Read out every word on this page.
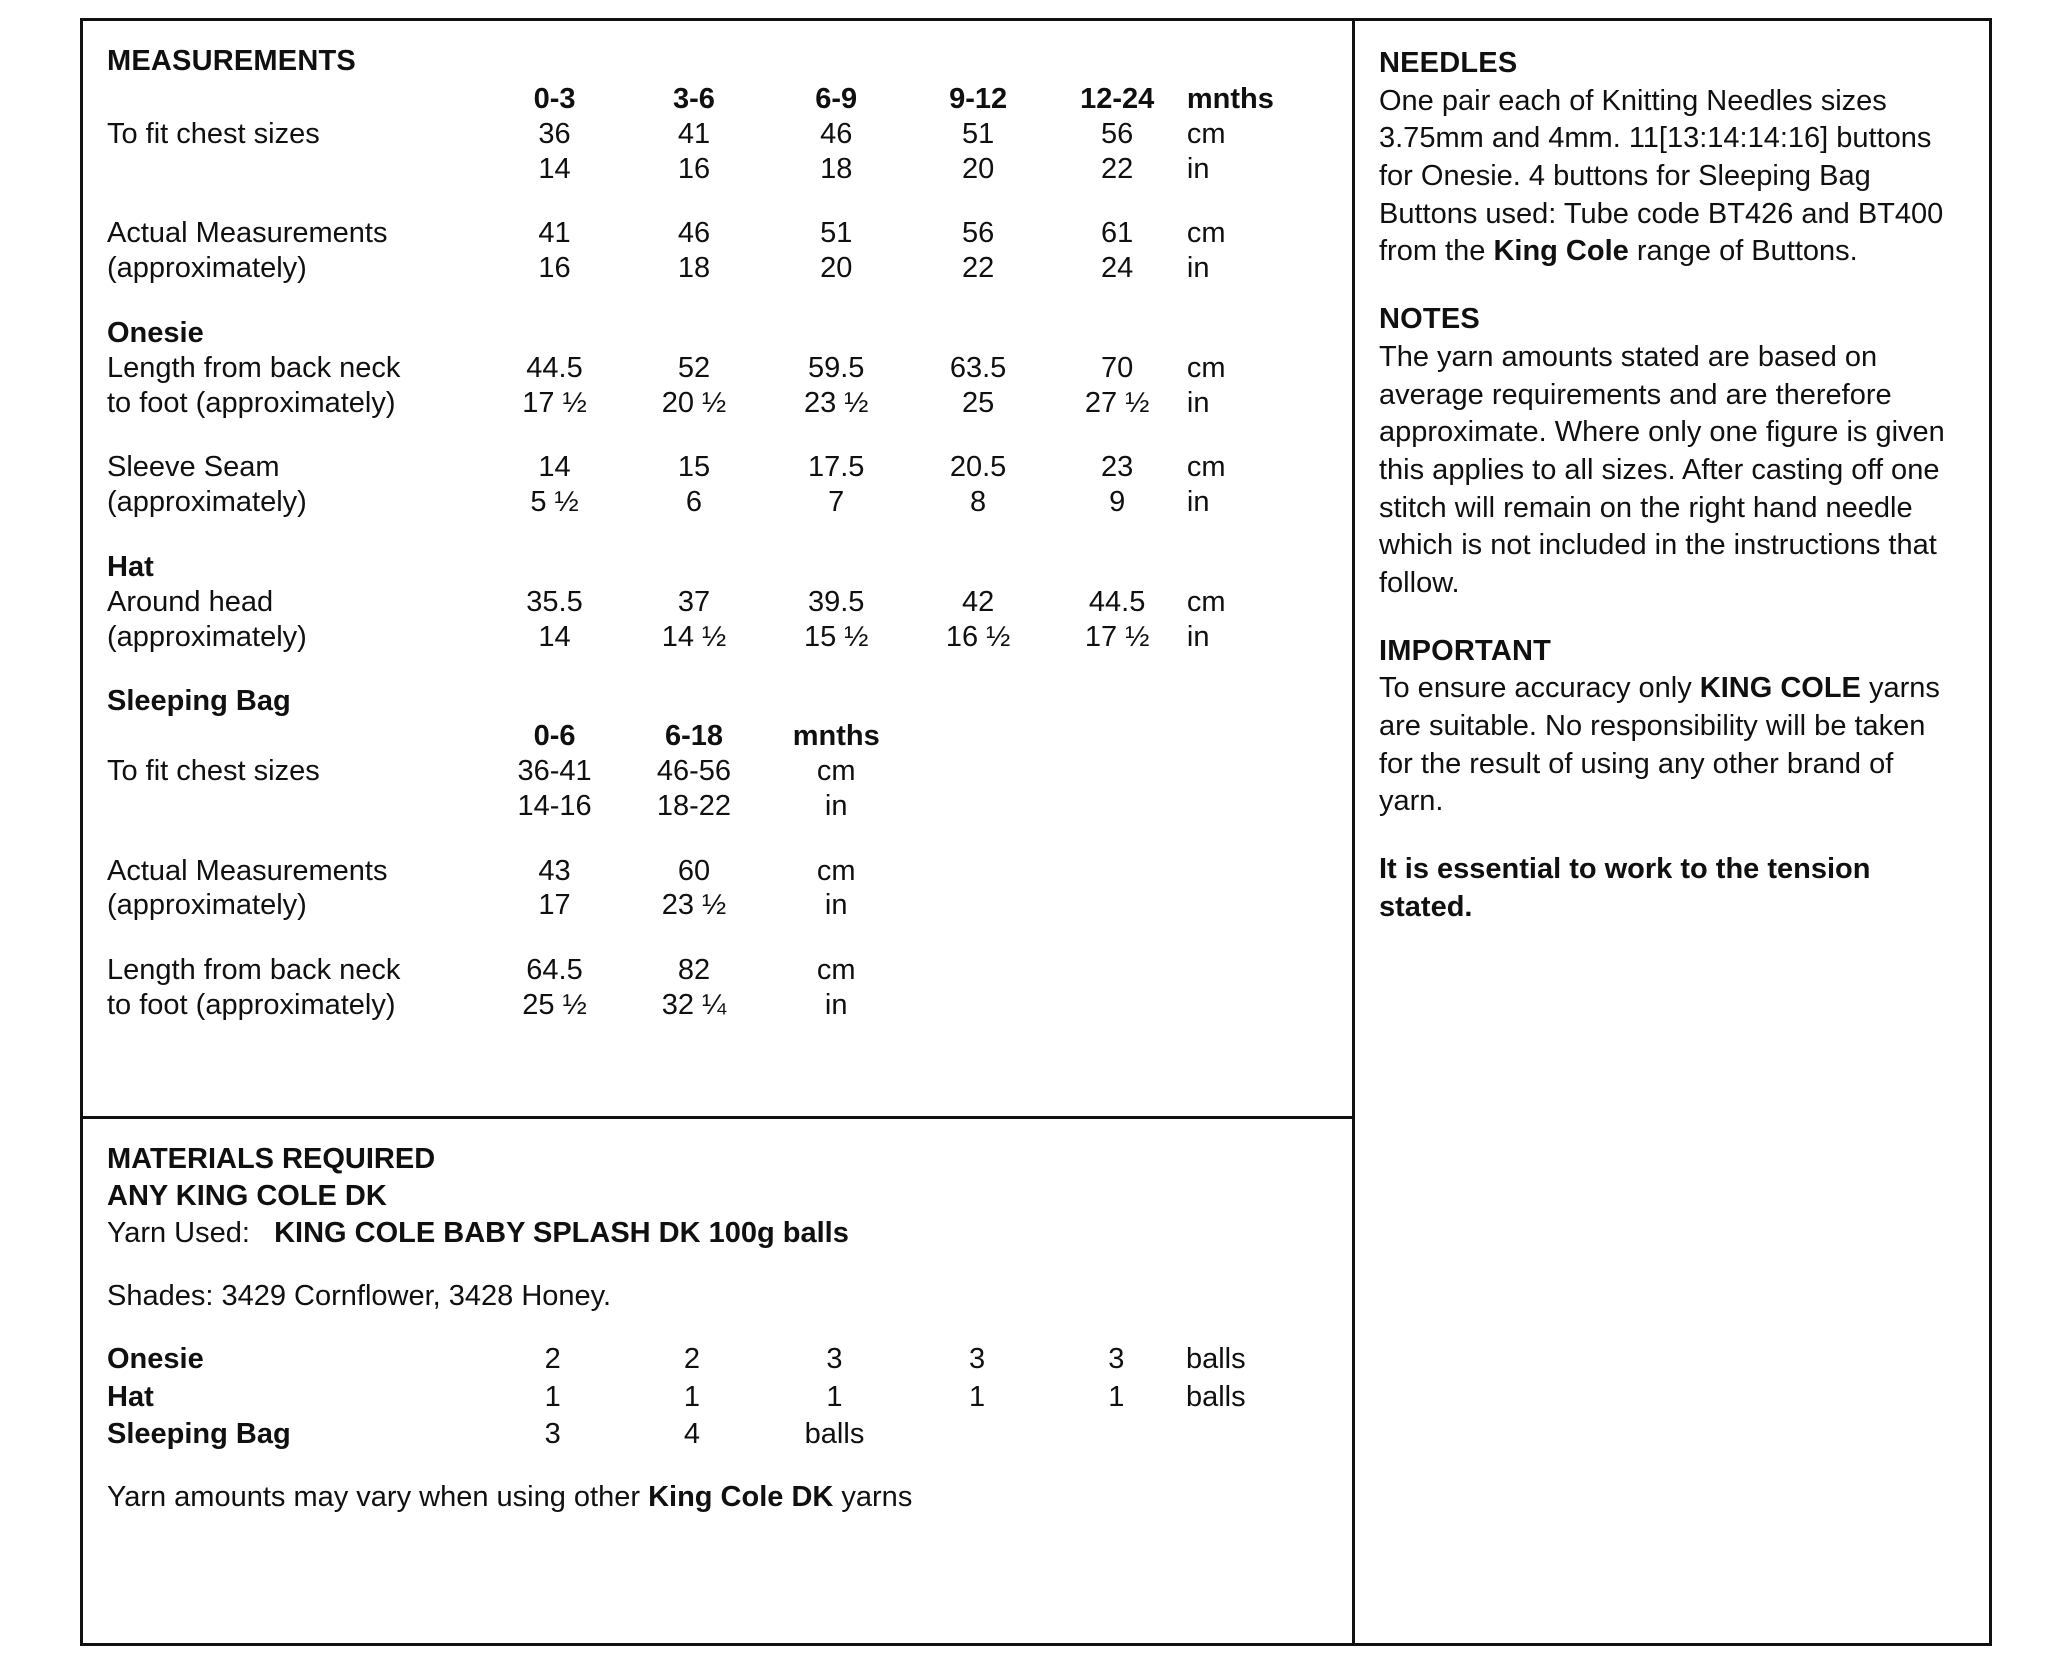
MEASUREMENTS
	0-3	3-6	6-9	9-12	12-24	mnths
To fit chest sizes	36	41	46	51	56	cm
	14	16	18	20	22	in

Actual Measurements	41	46	51	56	61	cm
(approximately)	16	18	20	22	24	in

Onesie						
Length from back neck	44.5	52	59.5	63.5	70	cm
to foot (approximately)	17 ½	20 ½	23 ½	25	27 ½	in

Sleeve Seam	14	15	17.5	20.5	23	cm
(approximately)	5 ½	6	7	8	9	in

Hat						
Around head	35.5	37	39.5	42	44.5	cm
(approximately)	14	14 ½	15 ½	16 ½	17 ½	in

Sleeping Bag						
	0-6	6-18	mnths			
To fit chest sizes	36-41	46-56	cm			
	14-16	18-22	in			

Actual Measurements	43	60	cm			
(approximately)	17	23 ½	in			

Length from back neck	64.5	82	cm			
to foot (approximately)	25 ½	32 ¼	in			
MATERIALS REQUIRED
ANY KING COLE DK
Yarn Used: KING COLE BABY SPLASH DK 100g balls
Shades: 3429 Cornflower, 3428 Honey.
Onesie	2	2	3	3	3	balls
Hat	1	1	1	1	1	balls
Sleeping Bag	3	4	balls			
Yarn amounts may vary when using other King Cole DK yarns
NEEDLES

One pair each of Knitting Needles sizes 3.75mm and 4mm. 11[13:14:14:16] buttons for Onesie. 4 buttons for Sleeping Bag Buttons used: Tube code BT426 and BT400 from the King Cole range of Buttons.

NOTES

The yarn amounts stated are based on average requirements and are therefore approximate. Where only one figure is given this applies to all sizes. After casting off one stitch will remain on the right hand needle which is not included in the instructions that follow.

IMPORTANT

To ensure accuracy only KING COLE yarns are suitable. No responsibility will be taken for the result of using any other brand of yarn.

It is essential to work to the tension stated.
